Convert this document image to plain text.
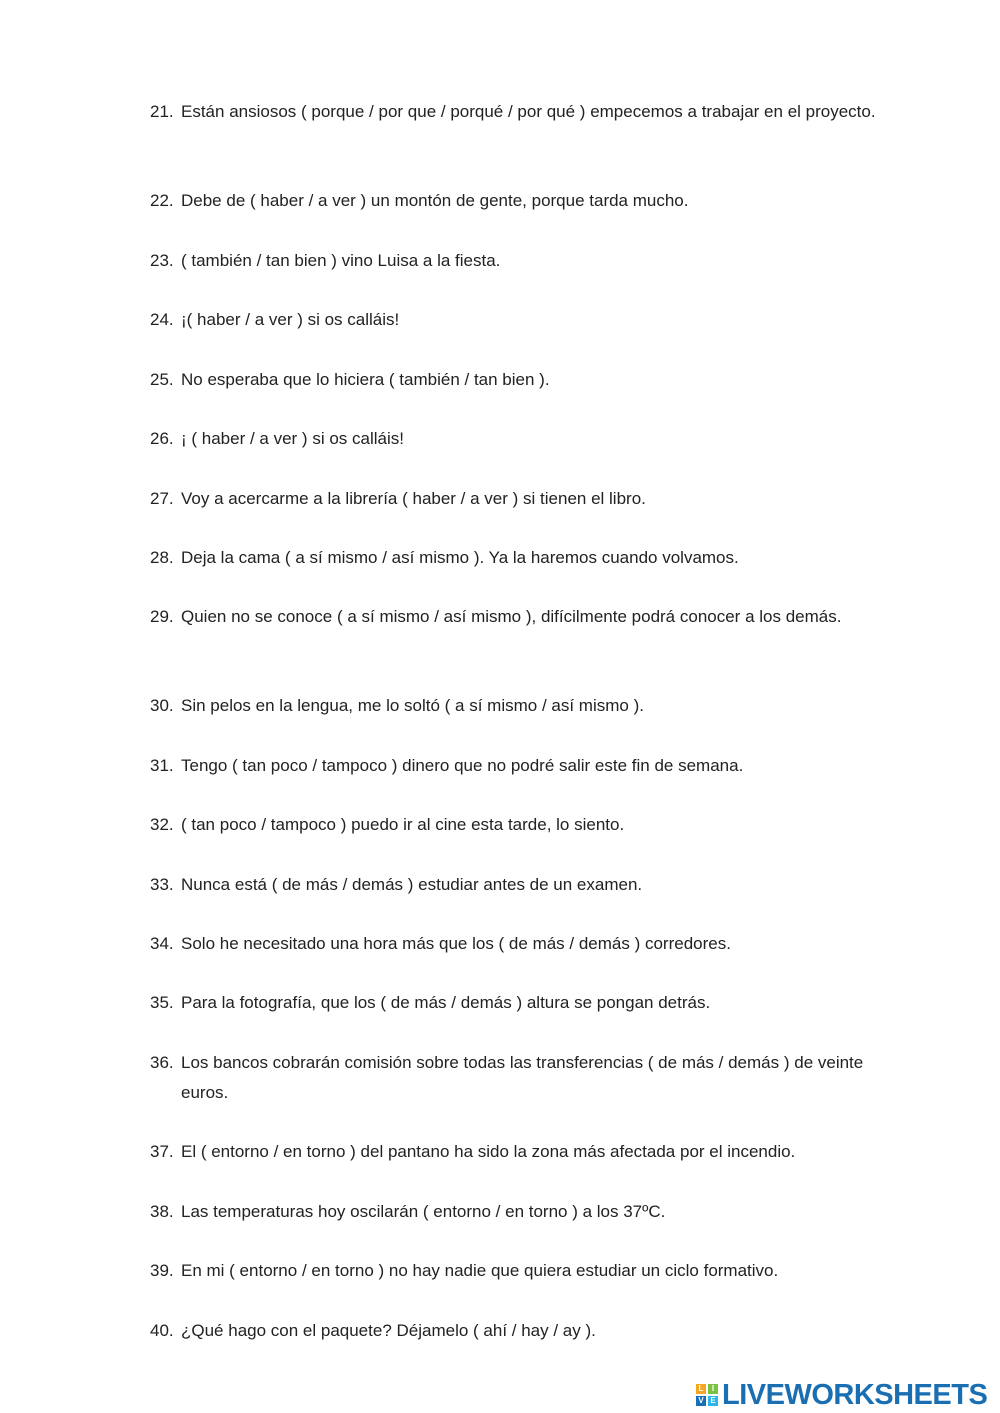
21. Están ansiosos ( porque / por que / porqué / por qué ) empecemos a trabajar en el proyecto.
22. Debe de ( haber / a ver ) un montón de gente, porque tarda mucho.
23. ( también / tan bien ) vino Luisa a la fiesta.
24. ¡( haber / a ver ) si os calláis!
25. No esperaba que lo hiciera ( también / tan bien ).
26. ¡ ( haber / a ver ) si os calláis!
27. Voy a acercarme a la librería ( haber / a ver ) si tienen el libro.
28. Deja la cama ( a sí mismo / así mismo ). Ya la haremos cuando volvamos.
29. Quien no se conoce ( a sí mismo / así mismo ), difícilmente podrá conocer a los demás.
30. Sin pelos en la lengua, me lo soltó ( a sí mismo / así mismo ).
31. Tengo ( tan poco / tampoco ) dinero que no podré salir este fin de semana.
32. ( tan poco / tampoco ) puedo ir al cine esta tarde, lo siento.
33. Nunca está ( de más / demás ) estudiar antes de un examen.
34. Solo he necesitado una hora más que los ( de más / demás ) corredores.
35. Para la fotografía, que los ( de más / demás ) altura se pongan detrás.
36. Los bancos cobrarán comisión sobre todas las transferencias ( de más / demás ) de veinte euros.
37. El ( entorno / en torno ) del pantano ha sido la zona más afectada por el incendio.
38. Las temperaturas hoy oscilarán ( entorno / en torno ) a los 37ºC.
39. En mi ( entorno / en torno ) no hay nadie que quiera estudiar un ciclo formativo.
40. ¿Qué hago con el paquete? Déjamelo ( ahí / hay / ay ).
L	I
V E LIVEWORKSHEETS
